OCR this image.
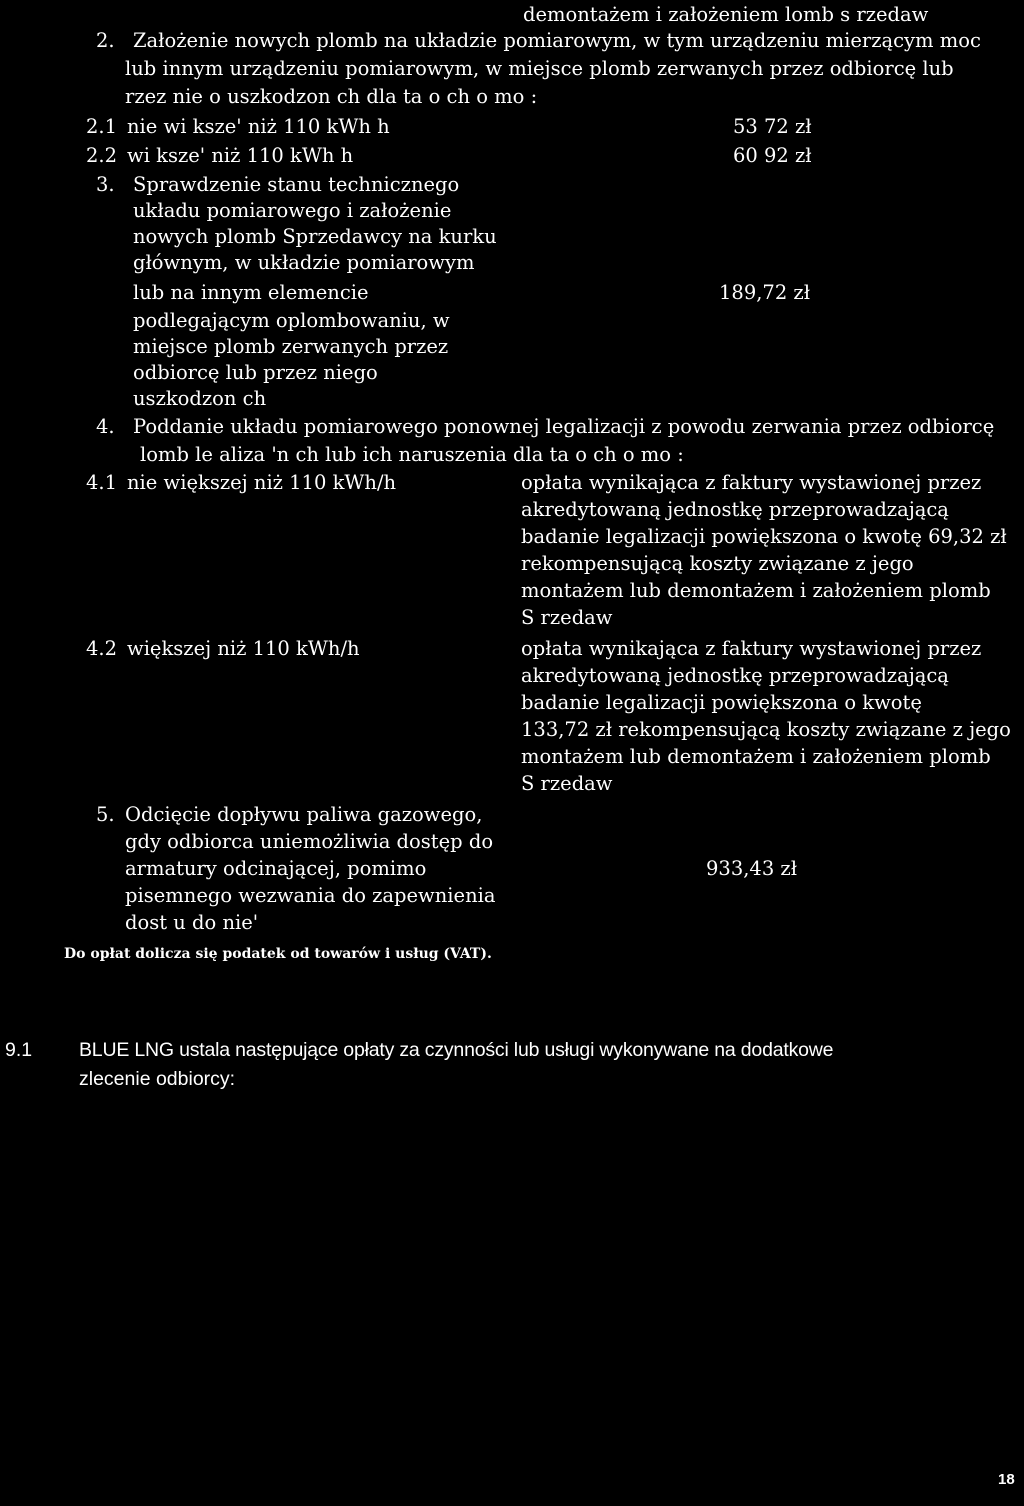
demontażem i założeniem lomb s rzedaw
2. Założenie nowych plomb na układzie pomiarowym, w tym urządzeniu mierzącym moc
lub innym urządzeniu pomiarowym, w miejsce plomb zerwanych przez odbiorcę lub
rzez nie o uszkodzon ch dla ta o ch o mo :
2.1 nie wi ksze' niż 110 kWh h	53 72 zł
2.2 wi ksze' niż 110 kWh h	60 92 zł
3. Sprawdzenie stanu technicznego
układu pomiarowego i założenie
nowych plomb Sprzedawcy na kurku
głównym, w układzie pomiarowym
lub na innym elemencie	189,72 zł
podlegającym oplombowaniu, w
miejsce plomb zerwanych przez
odbiorcę lub przez niego
uszkodzon ch
4. Poddanie układu pomiarowego ponownej legalizacji z powodu zerwania przez odbiorcę
lomb le aliza 'n ch lub ich naruszenia dla ta o ch o mo :
4.1 nie większej niż 110 kWh/h	opłata wynikająca z faktury wystawionej przez
akredytowaną jednostkę przeprowadzającą
badanie legalizacji powiększona o kwotę 69,32 zł
rekompensującą koszty związane z jego
montażem lub demontażem i założeniem plomb
S rzedaw
4.2 większej niż 110 kWh/h	opłata wynikająca z faktury wystawionej przez
akredytowaną jednostkę przeprowadzającą
badanie legalizacji powiększona o kwotę
133,72 zł rekompensującą koszty związane z jego
montażem lub demontażem i założeniem plomb
S rzedaw
5. Odcięcie dopływu paliwa gazowego,
gdy odbiorca uniemożliwia dostęp do
armatury odcinającej, pomimo	933,43 zł
pisemnego wezwania do zapewnienia
dost u do nie'
Do opłat dolicza się podatek od towarów i usług (VAT).
9.1 BLUE LNG ustala następujące opłaty za czynności lub usługi wykonywane na dodatkowe
zlecenie odbiorcy:
18
